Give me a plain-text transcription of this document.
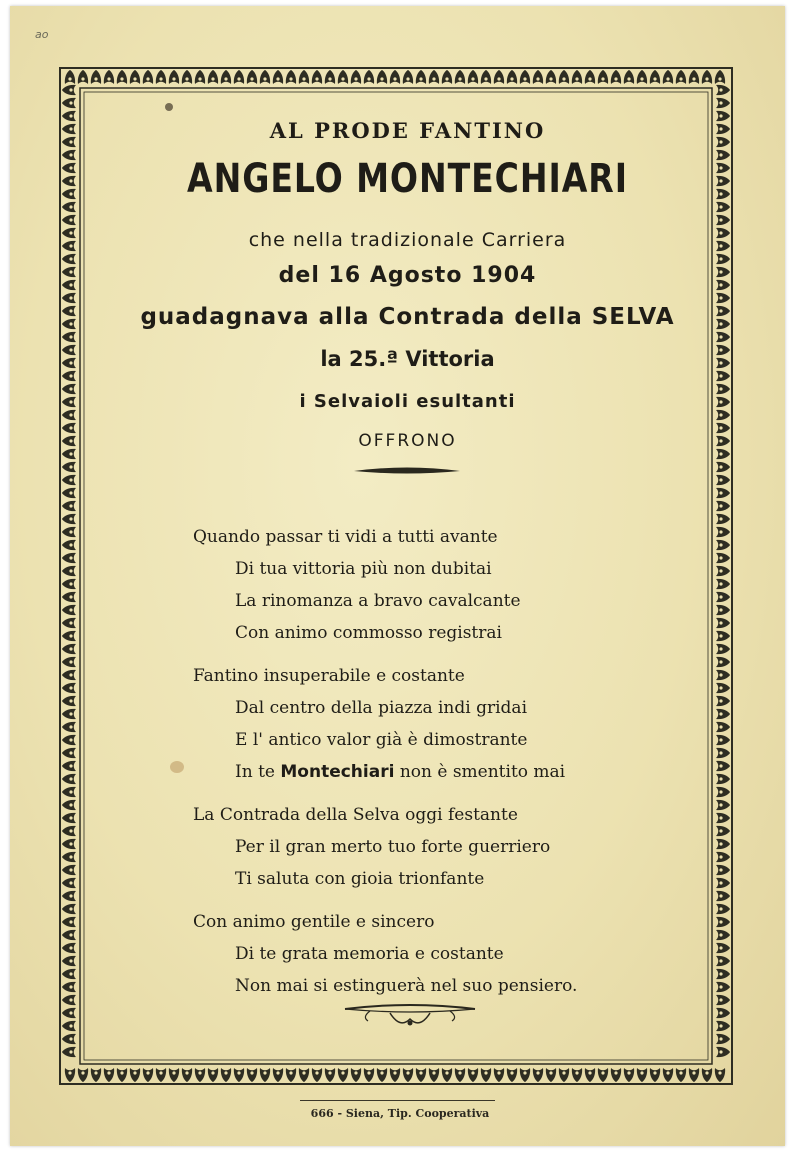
ao
AL PRODE FANTINO
ANGELO MONTECHIARI
che nella tradizionale Carriera
del 16 Agosto 1904
guadagnava alla Contrada della SELVA
la 25.ª Vittoria
i Selvaioli esultanti
OFFRONO
Quando passar ti vidi a tutti avante
Di tua vittoria più non dubitai
La rinomanza a bravo cavalcante
Con animo commosso registrai
Fantino insuperabile e costante
Dal centro della piazza indi gridai
E l' antico valor già è dimostrante
In te Montechiari non è smentito mai
La Contrada della Selva oggi festante
Per il gran merto tuo forte guerriero
Ti saluta con gioia trionfante
Con animo gentile e sincero
Di te grata memoria e costante
Non mai si estinguerà nel suo pensiero.
666 - Siena, Tip. Cooperativa
